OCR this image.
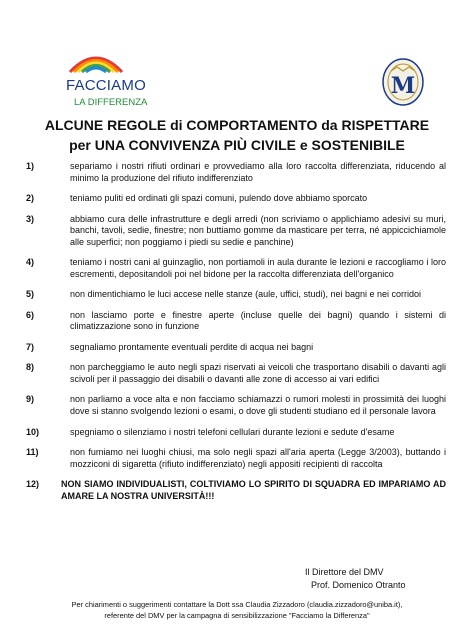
FACCIAMO
LA DIFFERENZA
M
ALCUNE REGOLE di COMPORTAMENTO da RISPETTARE
per UNA CONVIVENZA PIÙ CIVILE e SOSTENIBILE
1)	separiamo i nostri rifiuti ordinari e provvediamo alla loro raccolta differenziata, riducendo al minimo la produzione del rifiuto indifferenziato
2)	teniamo puliti ed ordinati gli spazi comuni, pulendo dove abbiamo sporcato
3)	abbiamo cura delle infrastrutture e degli arredi (non scriviamo o applichiamo adesivi su muri, banchi, tavoli, sedie, finestre; non buttiamo gomme da masticare per terra, né appiccichiamole alle superfici; non poggiamo i piedi su sedie e panchine)
4)	teniamo i nostri cani al guinzaglio, non portiamoli in aula durante le lezioni e raccogliamo i loro escrementi, depositandoli poi nel bidone per la raccolta differenziata dell'organico
5)	non dimentichiamo le luci accese nelle stanze (aule, uffici, studi), nei bagni e nei corridoi
6)	non lasciamo porte e finestre aperte (incluse quelle dei bagni) quando i sistemi di climatizzazione sono in funzione
7)	segnaliamo prontamente eventuali perdite di acqua nei bagni
8)	non parcheggiamo le auto negli spazi riservati ai veicoli che trasportano disabili o davanti agli scivoli per il passaggio dei disabili o davanti alle zone di accesso ai vari edifici
9)	non parliamo a voce alta e non facciamo schiamazzi o rumori molesti in prossimità dei luoghi dove si stanno svolgendo lezioni o esami, o dove gli studenti studiano ed il personale lavora
10)	spegniamo o silenziamo i nostri telefoni cellulari durante lezioni e sedute d'esame
11)	non fumiamo nei luoghi chiusi, ma solo negli spazi all'aria aperta (Legge 3/2003), buttando i mozziconi di sigaretta (rifiuto indifferenziato) negli appositi recipienti di raccolta
12)	NON SIAMO INDIVIDUALISTI, COLTIVIAMO LO SPIRITO DI SQUADRA ED IMPARIAMO AD AMARE LA NOSTRA UNIVERSITÀ!!!
Il Direttore del DMV
Prof. Domenico Otranto
Per chiarimenti o suggerimenti contattare la Dott ssa Claudia Zizzadoro (claudia.zizzadoro@uniba.it),
referente del DMV per la campagna di sensibilizzazione "Facciamo la Differenza"
